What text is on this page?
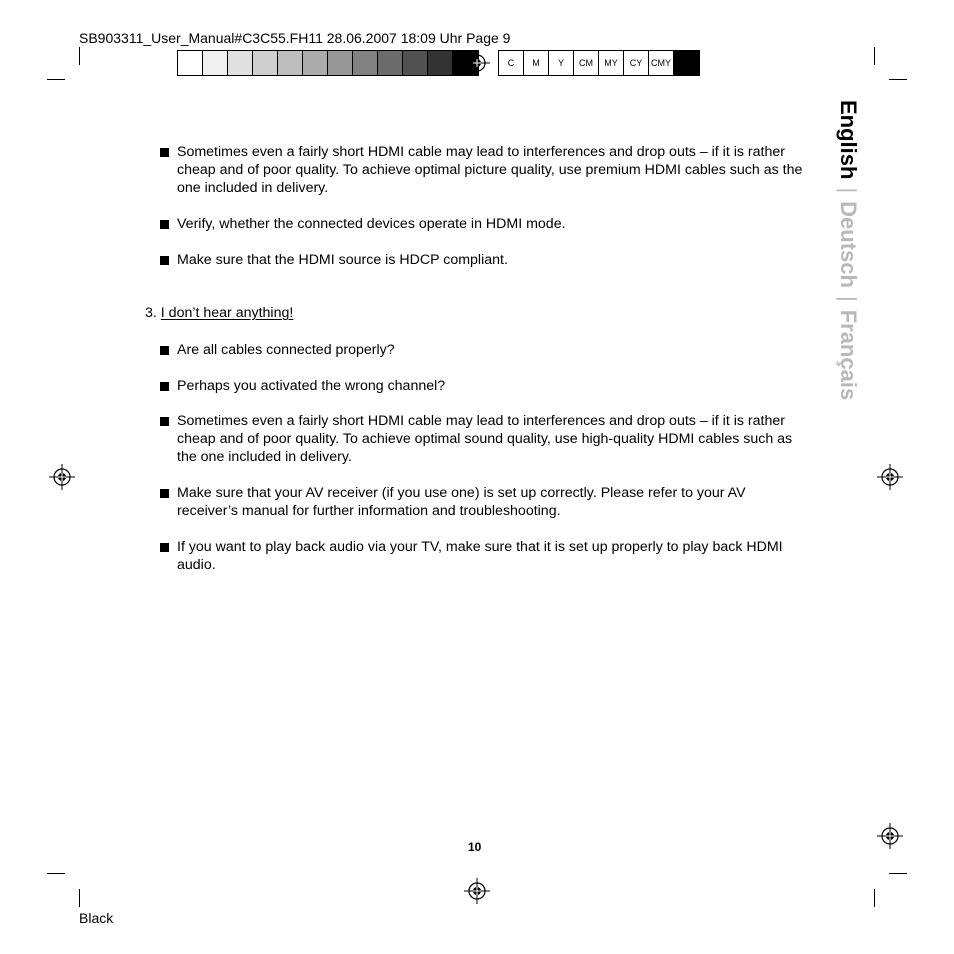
SB903311_User_Manual#C3C55.FH11 28.06.2007 18:09 Uhr Page 9
C M Y CM MY CY CMY
English|Deutsch|Français
Sometimes even a fairly short HDMI cable may lead to interferences and drop outs – if it is rather cheap and of poor quality. To achieve optimal picture quality, use premium HDMI cables such as the one included in delivery.
Verify, whether the connected devices operate in HDMI mode.
Make sure that the HDMI source is HDCP compliant.
3. I don’t hear anything!
Are all cables connected properly?
Perhaps you activated the wrong channel?
Sometimes even a fairly short HDMI cable may lead to interferences and drop outs – if it is rather cheap and of poor quality. To achieve optimal sound quality, use high-quality HDMI cables such as the one included in delivery.
Make sure that your AV receiver (if you use one) is set up correctly. Please refer to your AV receiver’s manual for further information and troubleshooting.
If you want to play back audio via your TV, make sure that it is set up properly to play back HDMI audio.
10
Black
